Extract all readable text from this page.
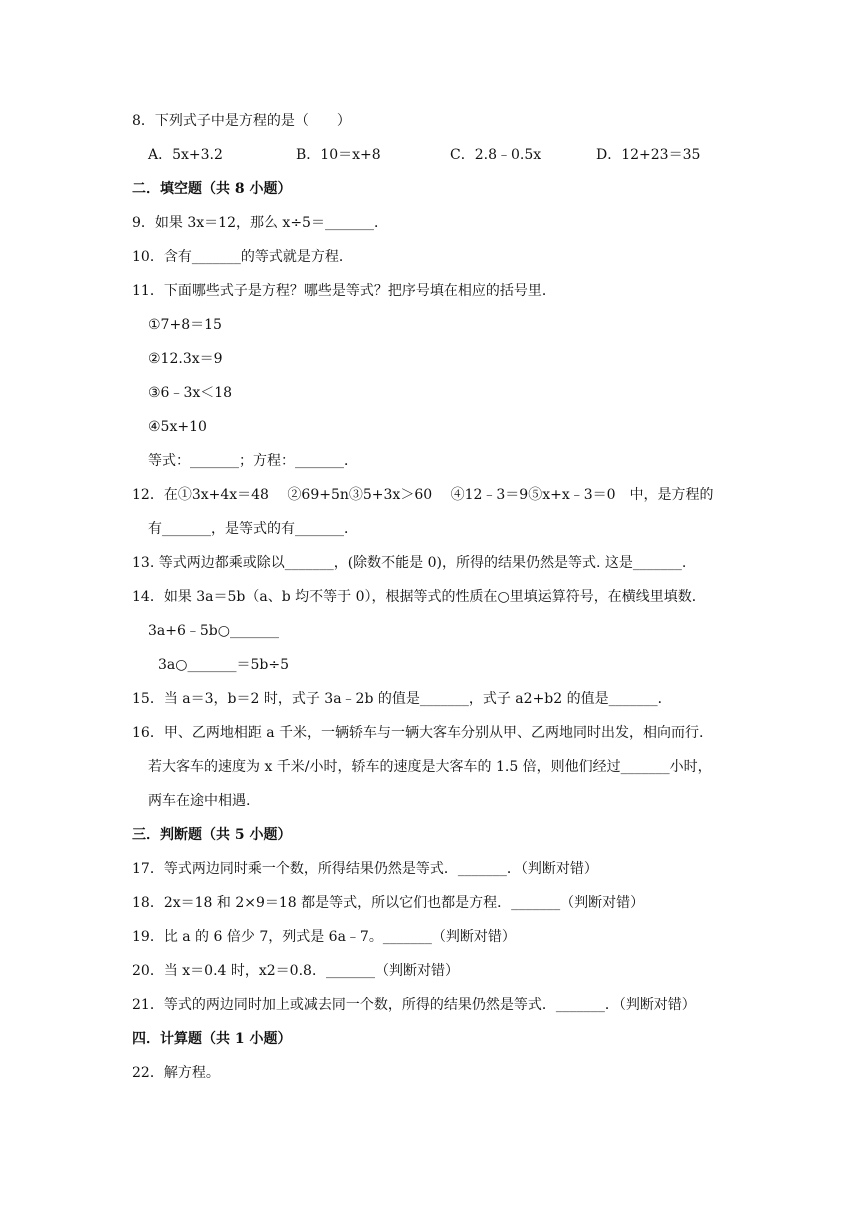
8．下列式子中是方程的是（　　）
A．5x+3.2	B．10＝x+8	C．2.8﹣0.5x	D．12+23＝35
二．填空题（共 8 小题）
9．如果 3x＝12，那么 x÷5＝_______．
10．含有_______的等式就是方程．
11．下面哪些式子是方程？哪些是等式？把序号填在相应的括号里．
①7+8＝15
②12.3x＝9
③6﹣3x＜18
④5x+10
等式：_______；方程：_______．
12．在①3x+4x＝48　 ②69+5n③5+3x＞60　 ④12﹣3＝9⑤x+x﹣3＝0　中，是方程的
有_______，是等式的有_______．
13. 等式两边都乘或除以_______，(除数不能是 0)，所得的结果仍然是等式. 这是_______.
14．如果 3a＝5b（a、b 均不等于 0），根据等式的性质在○里填运算符号，在横线里填数．
3a+6﹣5b○_______
3a○_______＝5b÷5
15．当 a＝3，b＝2 时，式子 3a﹣2b 的值是_______，式子 a2+b2 的值是_______．
16．甲、乙两地相距 a 千米，一辆轿车与一辆大客车分别从甲、乙两地同时出发，相向而行.
若大客车的速度为 x 千米/小时，轿车的速度是大客车的 1.5 倍，则他们经过_______小时，
两车在途中相遇.
三．判断题（共 5 小题）
17．等式两边同时乘一个数，所得结果仍然是等式．_______．（判断对错）
18．2x＝18 和 2×9＝18 都是等式，所以它们也都是方程．_______（判断对错）
19．比 a 的 6 倍少 7，列式是 6a﹣7。_______（判断对错）
20．当 x＝0.4 时，x2＝0.8．_______（判断对错）
21．等式的两边同时加上或减去同一个数，所得的结果仍然是等式．_______．（判断对错）
四．计算题（共 1 小题）
22．解方程。
